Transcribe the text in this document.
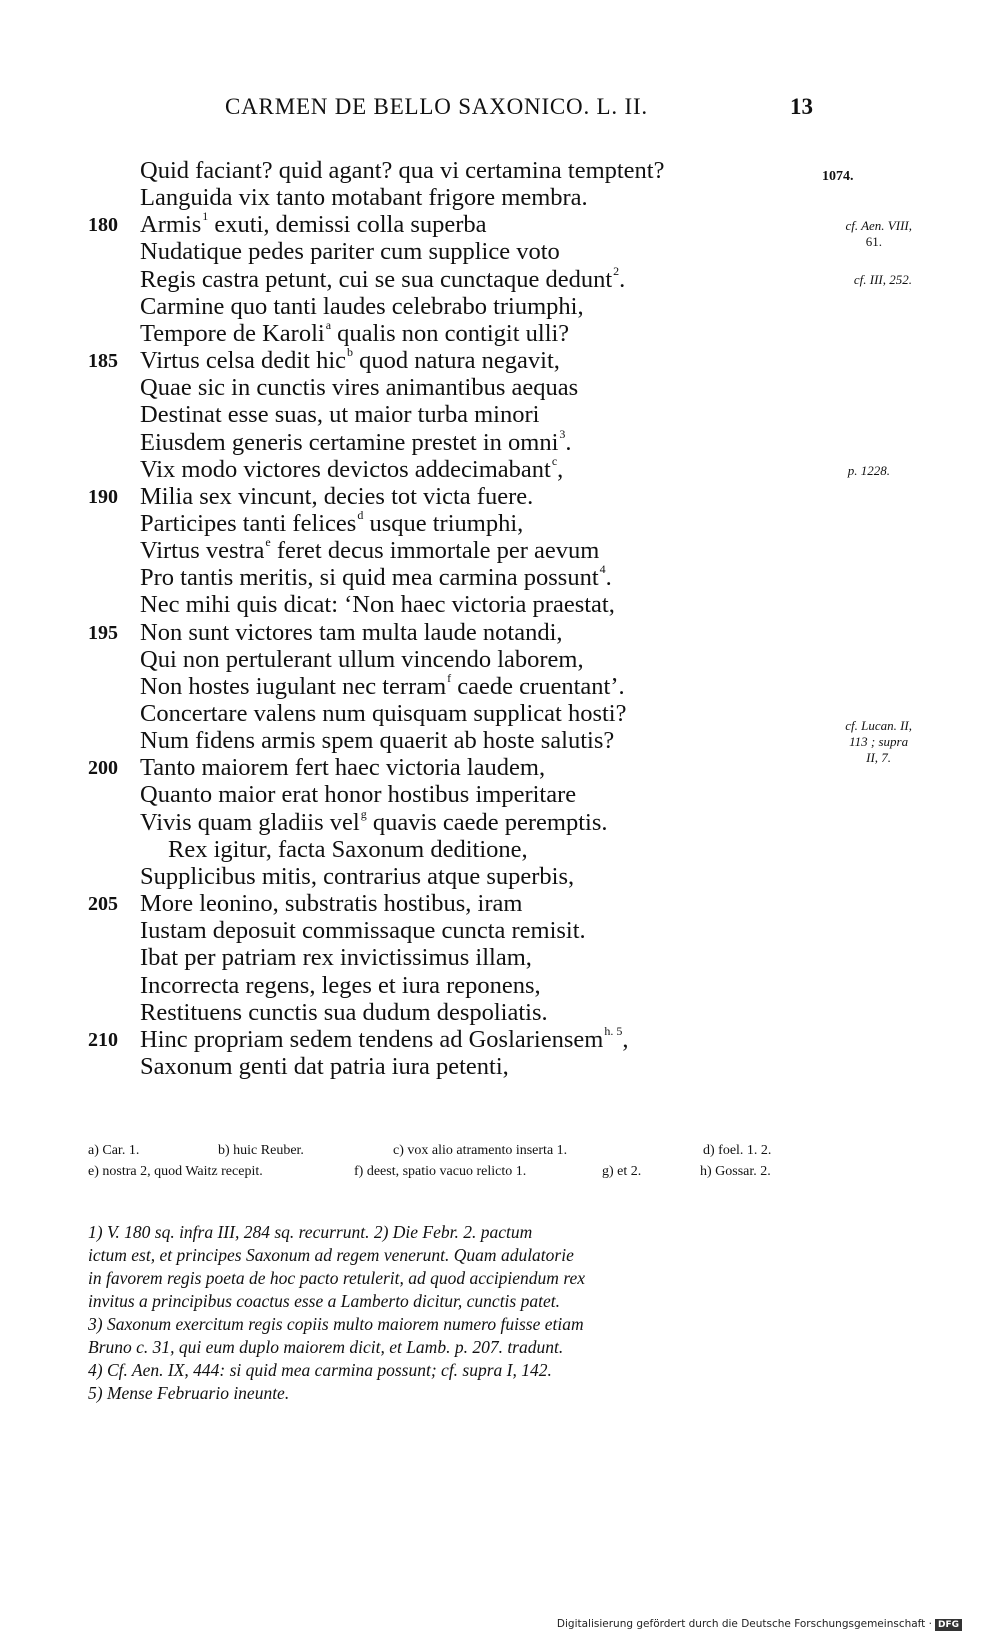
CARMEN DE BELLO SAXONICO. L. II.	13
1074.
Quid faciant? quid agant? qua vi certamina temptent?
Languida vix tanto motabant frigore membra.
180 Armis$^1$ exuti, demissi colla superba
Nudatique pedes pariter cum supplice voto
Regis castra petunt, cui se sua cunctaque dedunt$^2$.
Carmine quo tanti laudes celebrabo triumphi,
Tempore de Karoli$^a$ qualis non contigit ulli?
185 Virtus celsa dedit hic$^b$ quod natura negavit,
Quae sic in cunctis vires animantibus aequas
Destinat esse suas, ut maior turba minori
Eiusdem generis certamine prestet in omni$^3$.
Vix modo victores devictos addecimabant$^c$,
190 Milia sex vincunt, decies tot victa fuere.
Participes tanti felices$^d$ usque triumphi,
Virtus vestra$^e$ feret decus immortale per aevum
Pro tantis meritis, si quid mea carmina possunt$^4$.
Nec mihi quis dicat: ‘Non haec victoria praestat,
195 Non sunt victores tam multa laude notandi,
Qui non pertulerant ullum vincendo laborem,
Non hostes iugulant nec terram$^f$ caede cruentant’.
Concertare valens num quisquam supplicat hosti?
Num fidens armis spem quaerit ab hoste salutis?
200 Tanto maiorem fert haec victoria laudem,
Quanto maior erat honor hostibus imperitare
Vivis quam gladiis vel$^g$ quavis caede peremptis.
Rex igitur, facta Saxonum deditione,
Supplicibus mitis, contrarius atque superbis,
205 More leonino, substratis hostibus, iram
Iustam deposuit commissaque cuncta remisit.
Ibat per patriam rex invictissimus illam,
Incorrecta regens, leges et iura reponens,
Restituens cunctis sua dudum despoliatis.
210 Hinc propriam sedem tendens ad Goslariensem$^{h. 5}$,
Saxonum genti dat patria iura petenti,
cf. Aen. VIII,
61.
cf. III, 252.
p. 1228.
cf. Lucan. II,
113 ; supra
II, 7.
a) Car. 1.	b) huic Reuber.	c) vox alio atramento inserta 1.	d) foel. 1. 2.
e) nostra 2, quod Waitz recepit.	f) deest, spatio vacuo relicto 1.	g) et 2.	h) Gossar. 2.
1) V. 180 sq. infra III, 284 sq. recurrunt. 2) Die Febr. 2. pactum
ictum est, et principes Saxonum ad regem venerunt. Quam adulatorie
in favorem regis poeta de hoc pacto retulerit, ad quod accipiendum rex
invitus a principibus coactus esse a Lamberto dicitur, cunctis patet.
3) Saxonum exercitum regis copiis multo maiorem numero fuisse etiam
Bruno c. 31, qui eum duplo maiorem dicit, et Lamb. p. 207. tradunt.
4) Cf. Aen. IX, 444: si quid mea carmina possunt; cf. supra I, 142.
5) Mense Februario ineunte.
Digitalisierung gefördert durch die Deutsche Forschungsgemeinschaft · DFG
